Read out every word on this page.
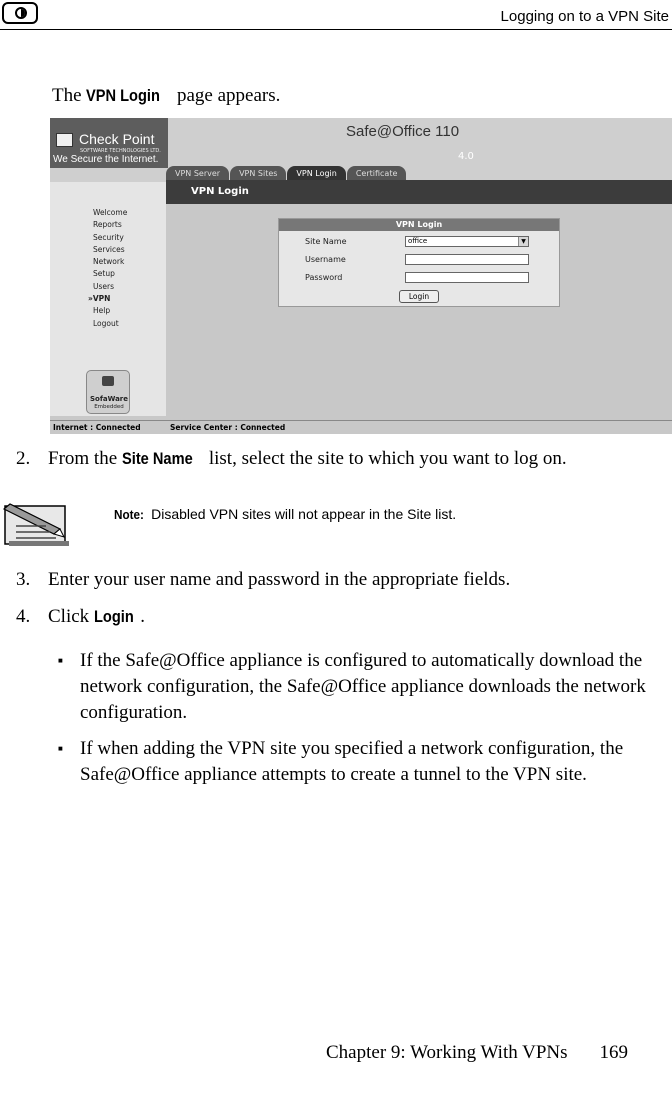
Logging on to a VPN Site
The VPN Login page appears.
Check Point
SOFTWARE TECHNOLOGIES LTD.
We Secure the Internet.
Safe@Office 110
4.0
VPN Server	VPN Sites	VPN Login	Certificate
VPN Login
Welcome
Reports
Security
Services
Network
Setup
Users
»VPN
Help
Logout
SofaWare
Embedded
VPN Login
Site Name	office	▼
Username
Password
Login
Internet : Connected	Service Center : Connected
2. From the Site Name list, select the site to which you want to log on.
Note: Disabled VPN sites will not appear in the Site list.
3. Enter your user name and password in the appropriate fields.
4. Click Login .
■ If the Safe@Office appliance is configured to automatically download the network configuration, the Safe@Office appliance downloads the network configuration.
■ If when adding the VPN site you specified a network configuration, the Safe@Office appliance attempts to create a tunnel to the VPN site.
Chapter 9: Working With VPNs 169
